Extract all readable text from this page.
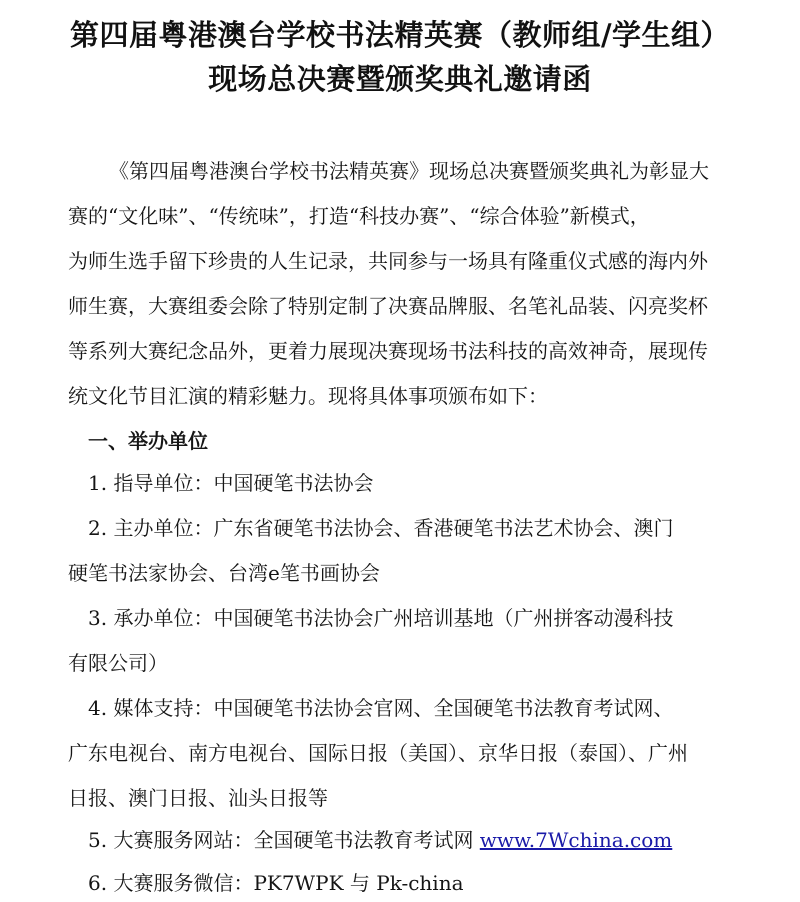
第四届粤港澳台学校书法精英赛（教师组/学生组）
现场总决赛暨颁奖典礼邀请函
《第四届粤港澳台学校书法精英赛》现场总决赛暨颁奖典礼为彰显大
赛的“文化味”、“传统味”，打造“科技办赛”、“综合体验”新模式，
为师生选手留下珍贵的人生记录，共同参与一场具有隆重仪式感的海内外
师生赛，大赛组委会除了特别定制了决赛品牌服、名笔礼品装、闪亮奖杯
等系列大赛纪念品外，更着力展现决赛现场书法科技的高效神奇，展现传
统文化节目汇演的精彩魅力。现将具体事项颁布如下：
一、举办单位
1. 指导单位：中国硬笔书法协会
2. 主办单位：广东省硬笔书法协会、香港硬笔书法艺术协会、澳门
硬笔书法家协会、台湾e笔书画协会
3. 承办单位：中国硬笔书法协会广州培训基地（广州拼客动漫科技
有限公司）
4. 媒体支持：中国硬笔书法协会官网、全国硬笔书法教育考试网、
广东电视台、南方电视台、国际日报（美国）、京华日报（泰国）、广州
日报、澳门日报、汕头日报等
5. 大赛服务网站：全国硬笔书法教育考试网 www.7Wchina.com
6. 大赛服务微信：PK7WPK 与 Pk-china
